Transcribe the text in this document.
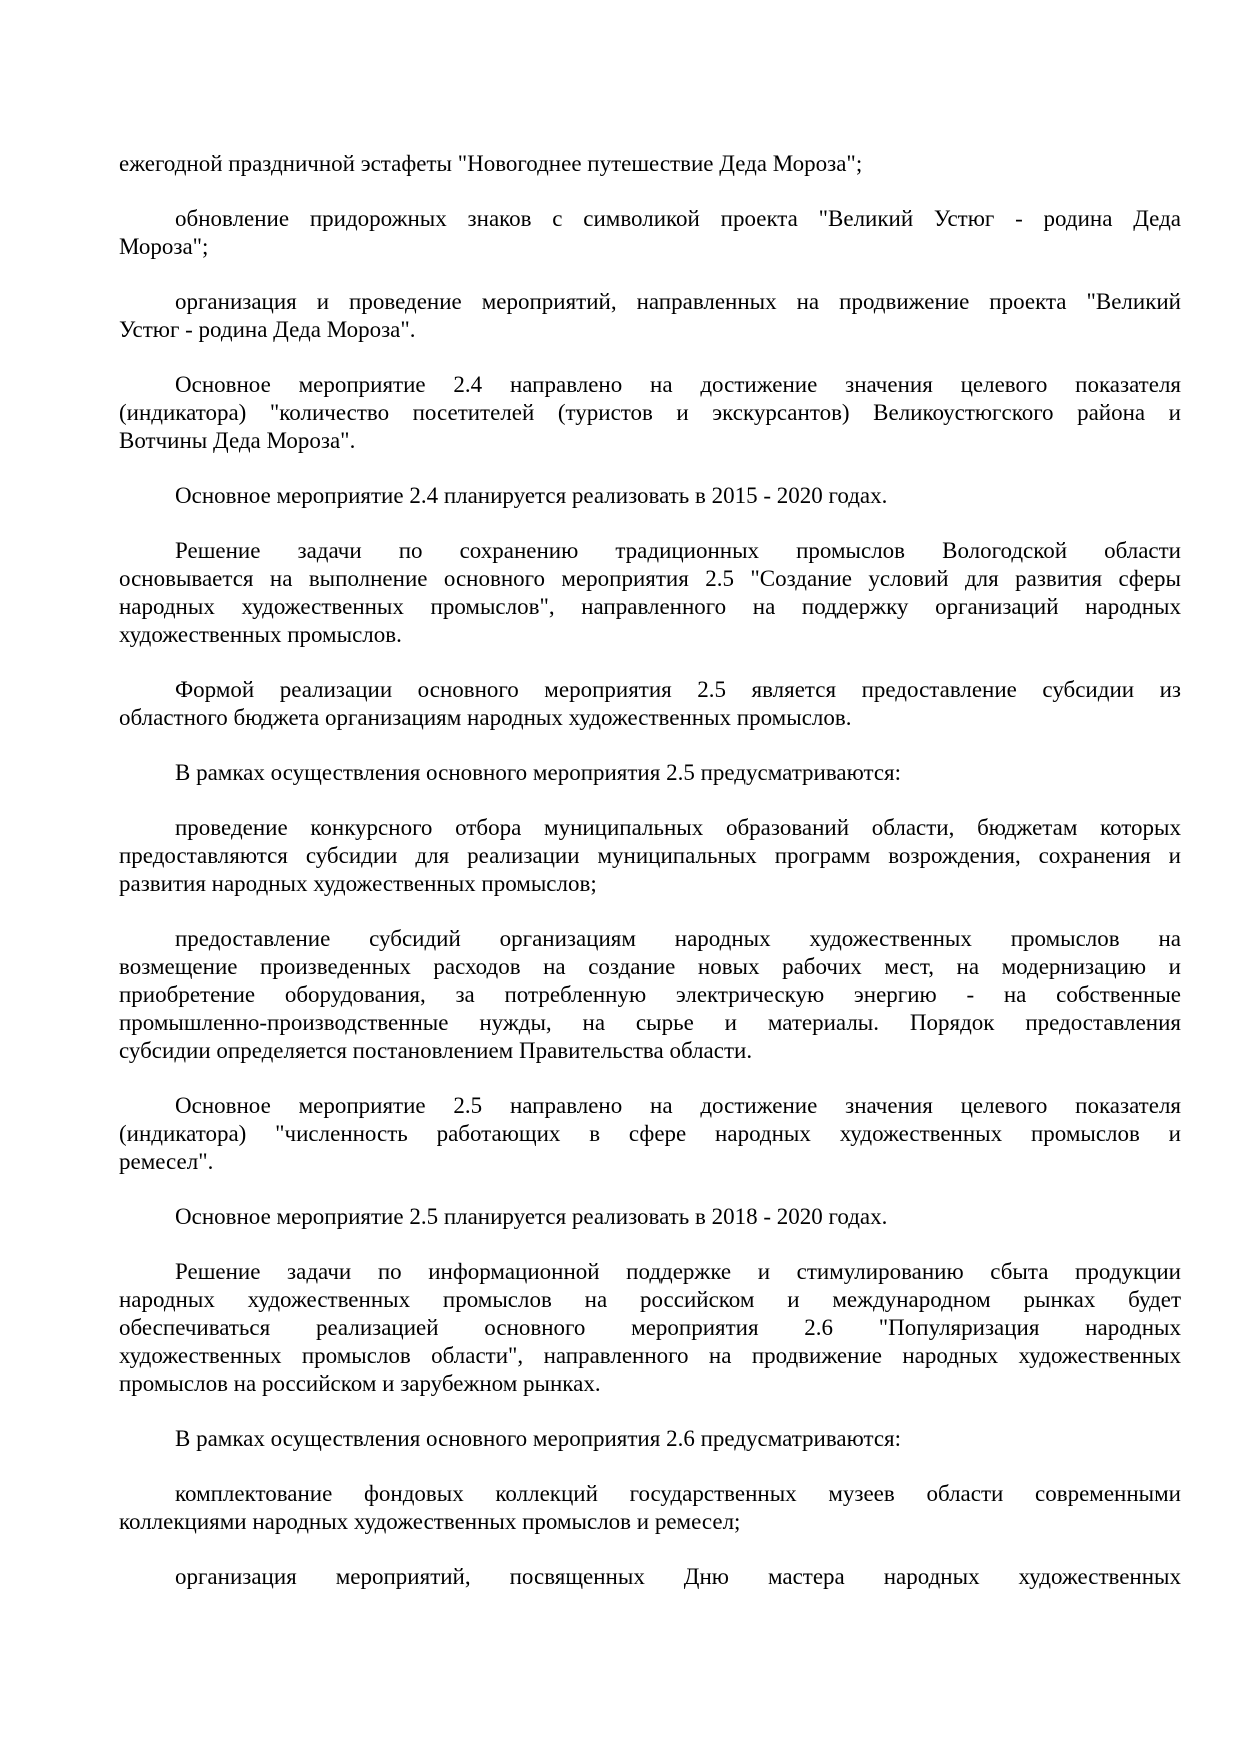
ежегодной праздничной эстафеты "Новогоднее путешествие Деда Мороза";
обновление придорожных знаков с символикой проекта "Великий Устюг - родина Деда
Мороза";
организация и проведение мероприятий, направленных на продвижение проекта "Великий
Устюг - родина Деда Мороза".
Основное мероприятие 2.4 направлено на достижение значения целевого показателя
(индикатора) "количество посетителей (туристов и экскурсантов) Великоустюгского района и
Вотчины Деда Мороза".
Основное мероприятие 2.4 планируется реализовать в 2015 - 2020 годах.
Решение задачи по сохранению традиционных промыслов Вологодской области
основывается на выполнение основного мероприятия 2.5 "Создание условий для развития сферы
народных художественных промыслов", направленного на поддержку организаций народных
художественных промыслов.
Формой реализации основного мероприятия 2.5 является предоставление субсидии из
областного бюджета организациям народных художественных промыслов.
В рамках осуществления основного мероприятия 2.5 предусматриваются:
проведение конкурсного отбора муниципальных образований области, бюджетам которых
предоставляются субсидии для реализации муниципальных программ возрождения, сохранения и
развития народных художественных промыслов;
предоставление субсидий организациям народных художественных промыслов на
возмещение произведенных расходов на создание новых рабочих мест, на модернизацию и
приобретение оборудования, за потребленную электрическую энергию - на собственные
промышленно-производственные нужды, на сырье и материалы. Порядок предоставления
субсидии определяется постановлением Правительства области.
Основное мероприятие 2.5 направлено на достижение значения целевого показателя
(индикатора) "численность работающих в сфере народных художественных промыслов и
ремесел".
Основное мероприятие 2.5 планируется реализовать в 2018 - 2020 годах.
Решение задачи по информационной поддержке и стимулированию сбыта продукции
народных художественных промыслов на российском и международном рынках будет
обеспечиваться реализацией основного мероприятия 2.6 "Популяризация народных
художественных промыслов области", направленного на продвижение народных художественных
промыслов на российском и зарубежном рынках.
В рамках осуществления основного мероприятия 2.6 предусматриваются:
комплектование фондовых коллекций государственных музеев области современными
коллекциями народных художественных промыслов и ремесел;
организация мероприятий, посвященных Дню мастера народных художественных
